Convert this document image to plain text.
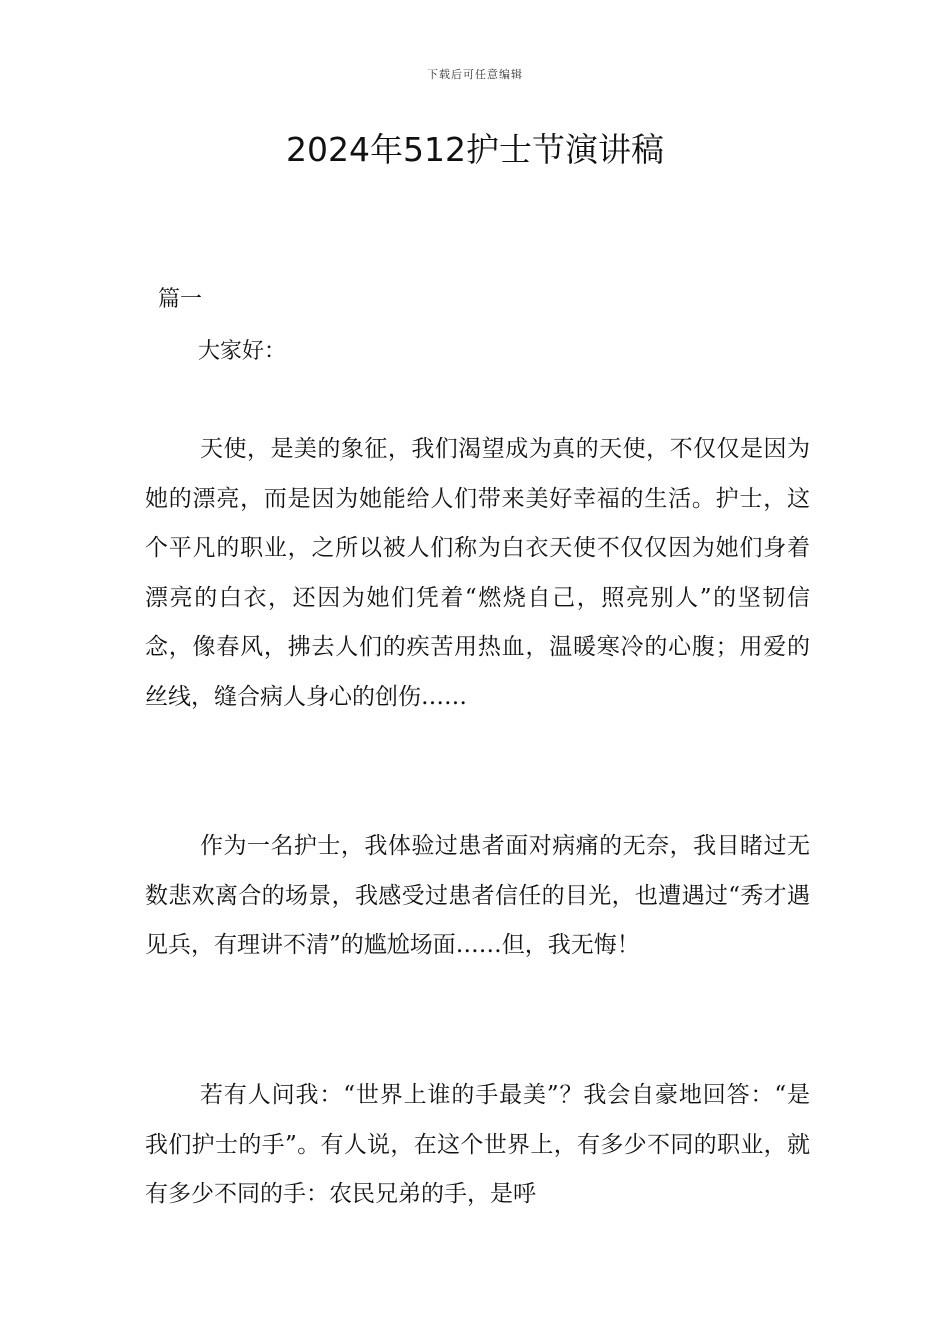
下载后可任意编辑
2024年512护士节演讲稿
篇一
大家好：

天使，是美的象征，我们渴望成为真的天使，不仅仅是因为她的漂亮，而是因为她能给人们带来美好幸福的生活。护士，这个平凡的职业，之所以被人们称为白衣天使不仅仅因为她们身着漂亮的白衣，还因为她们凭着“燃烧自己，照亮别人”的坚韧信念，像春风，拂去人们的疾苦用热血，温暖寒冷的心腹；用爱的丝线，缝合病人身心的创伤……

作为一名护士，我体验过患者面对病痛的无奈，我目睹过无数悲欢离合的场景，我感受过患者信任的目光，也遭遇过“秀才遇见兵，有理讲不清”的尴尬场面……但，我无悔！

若有人问我：“世界上谁的手最美”？我会自豪地回答：“是我们护士的手”。有人说，在这个世界上，有多少不同的职业，就有多少不同的手：农民兄弟的手，是呼
